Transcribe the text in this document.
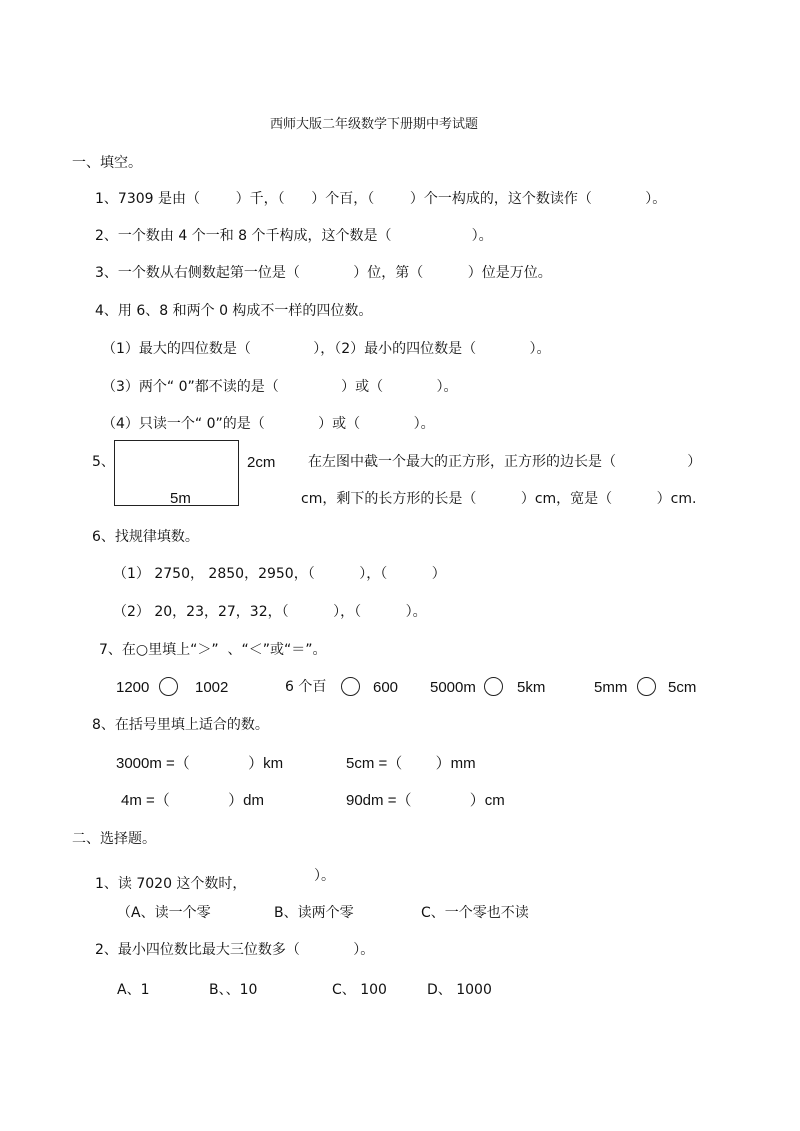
西师大版二年级数学下册期中考试题
一、填空。
1、7309 是由（        ）千，（      ）个百，（        ）个一构成的，这个数读作（            ）。
2、一个数由 4 个一和 8 个千构成，这个数是（                  ）。
3、一个数从右侧数起第一位是（            ）位，第（          ）位是万位。
4、用 6、8 和两个 0 构成不一样的四位数。
（1）最大的四位数是（              ），（2）最小的四位数是（            ）。
（3）两个“ 0”都不读的是（              ）或（            ）。
（4）只读一个“ 0”的是（            ）或（            ）。
5、
5m
2cm 在左图中截一个最大的正方形，正方形的边长是（                ）
cm，剩下的长方形的长是（          ）cm，宽是（          ）cm.
6、找规律填数。
（1） 2750， 2850，2950，（          ），（          ）
（2） 20，23，27，32，（          ），（          ）。
7、在○里填上“＞”  、“＜”或“＝”。
1200	1002	6 个百	600 5000m	5km	5mm	5cm
8、在括号里填上适合的数。
3000m =（              ）km	5cm =（        ）mm
4m =（              ）dm	90dm =（              ）cm
二、选择题。
1、读 7020 这个数时，	）。
（A、读一个零	B、读两个零	C、一个零也不读
2、最小四位数比最大三位数多（            ）。
A、1	B、、10	C、 100	D、 1000
